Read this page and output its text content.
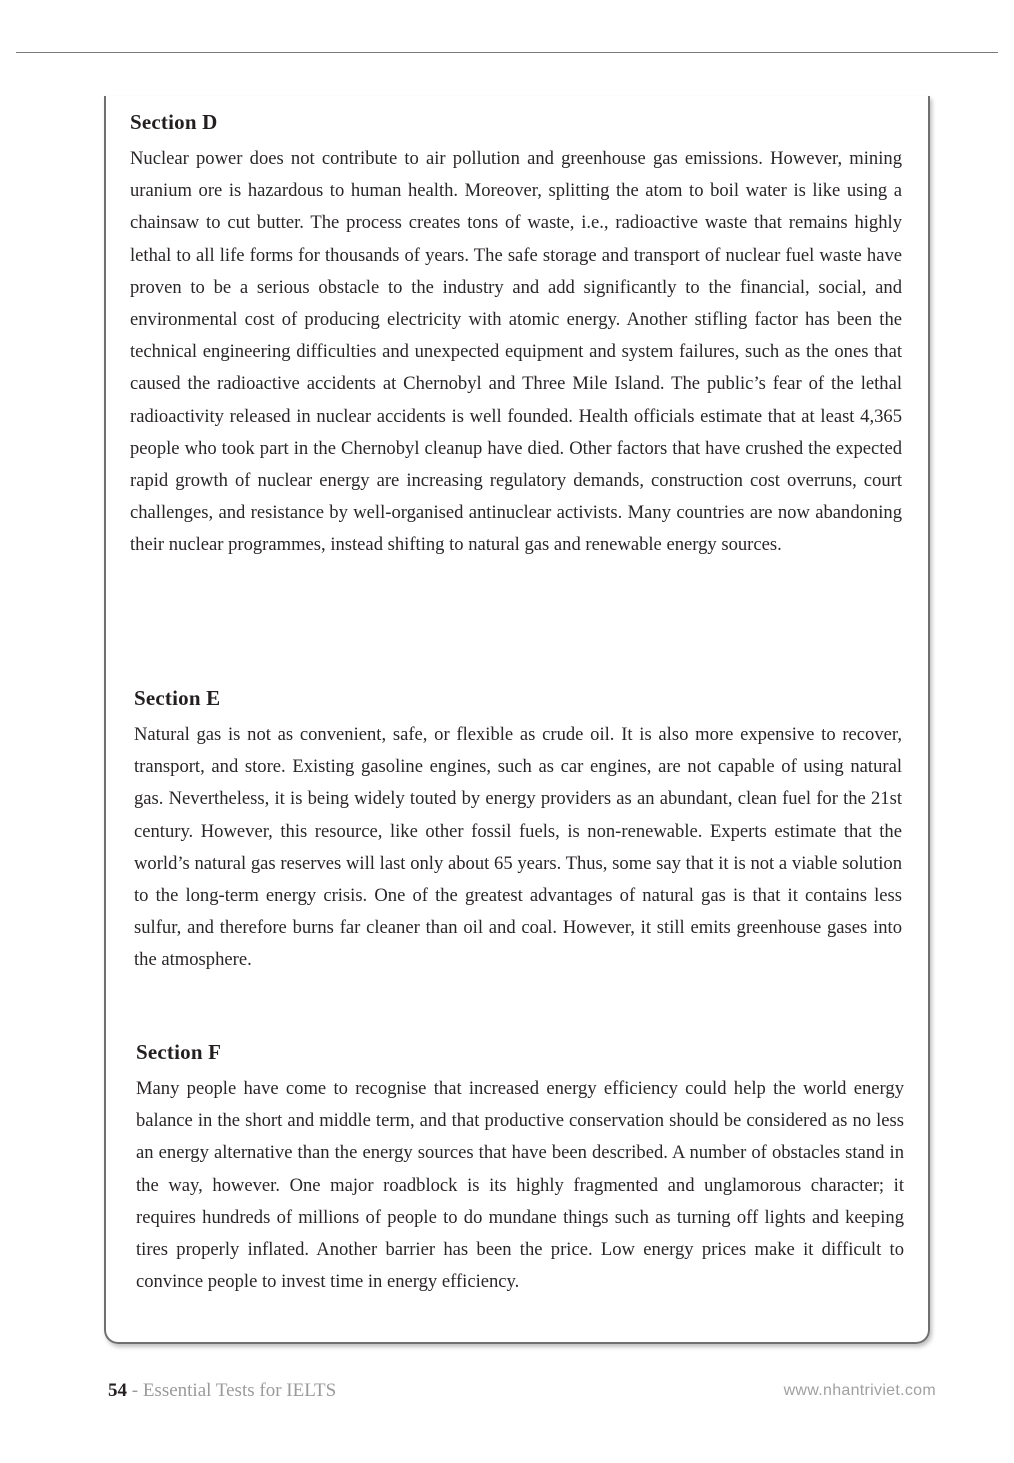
Section D

Nuclear power does not contribute to air pollution and greenhouse gas emissions. However, mining uranium ore is hazardous to human health. Moreover, splitting the atom to boil water is like using a chainsaw to cut butter. The process creates tons of waste, i.e., radioactive waste that remains highly lethal to all life forms for thousands of years. The safe storage and transport of nuclear fuel waste have proven to be a serious obstacle to the industry and add significantly to the financial, social, and environmental cost of producing electricity with atomic energy. Another stifling factor has been the technical engineering difficulties and unexpected equipment and system failures, such as the ones that caused the radioactive accidents at Chernobyl and Three Mile Island. The public’s fear of the lethal radioactivity released in nuclear accidents is well founded. Health officials estimate that at least 4,365 people who took part in the Chernobyl cleanup have died. Other factors that have crushed the expected rapid growth of nuclear energy are increasing regulatory demands, construction cost overruns, court challenges, and resistance by well-organised antinuclear activists. Many countries are now abandoning their nuclear programmes, instead shifting to natural gas and renewable energy sources.

Section E

Natural gas is not as convenient, safe, or flexible as crude oil. It is also more expensive to recover, transport, and store. Existing gasoline engines, such as car engines, are not capable of using natural gas. Nevertheless, it is being widely touted by energy providers as an abundant, clean fuel for the 21st century. However, this resource, like other fossil fuels, is non-renewable. Experts estimate that the world’s natural gas reserves will last only about 65 years. Thus, some say that it is not a viable solution to the long-term energy crisis. One of the greatest advantages of natural gas is that it contains less sulfur, and therefore burns far cleaner than oil and coal. However, it still emits greenhouse gases into the atmosphere.

Section F

Many people have come to recognise that increased energy efficiency could help the world energy balance in the short and middle term, and that productive conservation should be considered as no less an energy alternative than the energy sources that have been described. A number of obstacles stand in the way, however. One major roadblock is its highly fragmented and unglamorous character; it requires hundreds of millions of people to do mundane things such as turning off lights and keeping tires properly inflated. Another barrier has been the price. Low energy prices make it difficult to convince people to invest time in energy efficiency.

54 - Essential Tests for IELTS	www.nhantriviet.com
